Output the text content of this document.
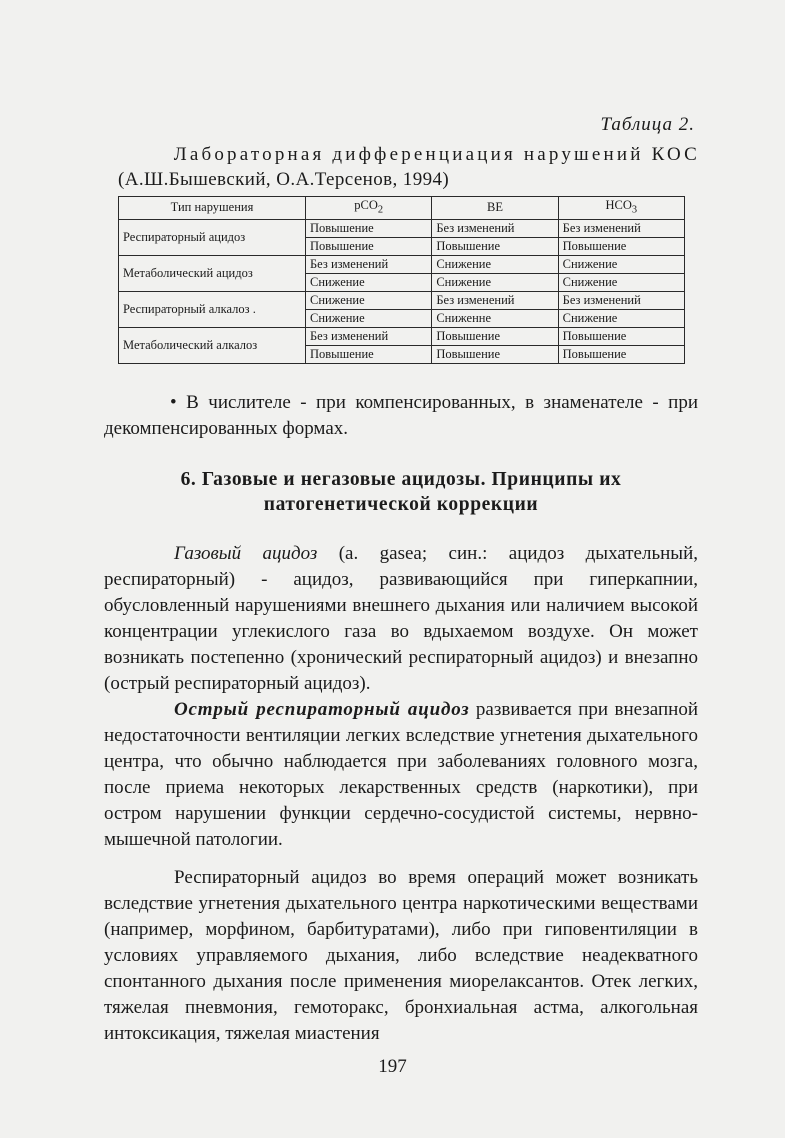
Таблица 2.
Лабораторная дифференциация нарушений КОС
(А.Ш.Бышевский, О.А.Терсенов, 1994)
Тип нарушения	pCO$_2$	BE	$HCO_3$
Респираторный ацидоз	Повышение	Без изменений	Без изменений
	Повышение	Повышение	Повышение
Метаболический ацидоз	Без изменений	Снижение	Снижение
	Снижение	Снижение	Снижение
Респираторный алкалоз .	Снижение	Без изменений	Без изменений
	Снижение	Сниженне	Снижение
Метаболический алкалоз	Без изменений	Повышение	Повышение
	Повышение	Повышение	Повышение
• В числителе - при компенсированных, в знаменателе - при декомпенсированных формах.
6. Газовые и негазовые ацидозы. Принципы их
патогенетической коррекции

Газовый ацидоз (a. gasea; син.: ацидоз дыхательный, респираторный) - ацидоз, развивающийся при гиперкапнии, обусловленный нарушениями внешнего дыхания или наличием высокой концентрации углекислого газа во вдыхаемом воздухе. Он может возникать постепенно (хронический респираторный ацидоз) и внезапно (острый респираторный ацидоз).

Острый респираторный ацидоз развивается при внезапной недостаточности вентиляции легких вследствие угнетения дыхательного центра, что обычно наблюдается при заболеваниях головного мозга, после приема некоторых лекарственных средств (наркотики), при остром нарушении функции сердечно-сосудистой системы, нервно-мышечной патологии.

Респираторный ацидоз во время операций может возникать вследствие угнетения дыхательного центра наркотическими веществами (например, морфином, барбитуратами), либо при гиповентиляции в условиях управляемого дыхания, либо вследствие неадекватного спонтанного дыхания после применения миорелаксантов. Отек легких, тяжелая пневмония, гемоторакс, бронхиальная астма, алкогольная интоксикация, тяжелая миастения

197
